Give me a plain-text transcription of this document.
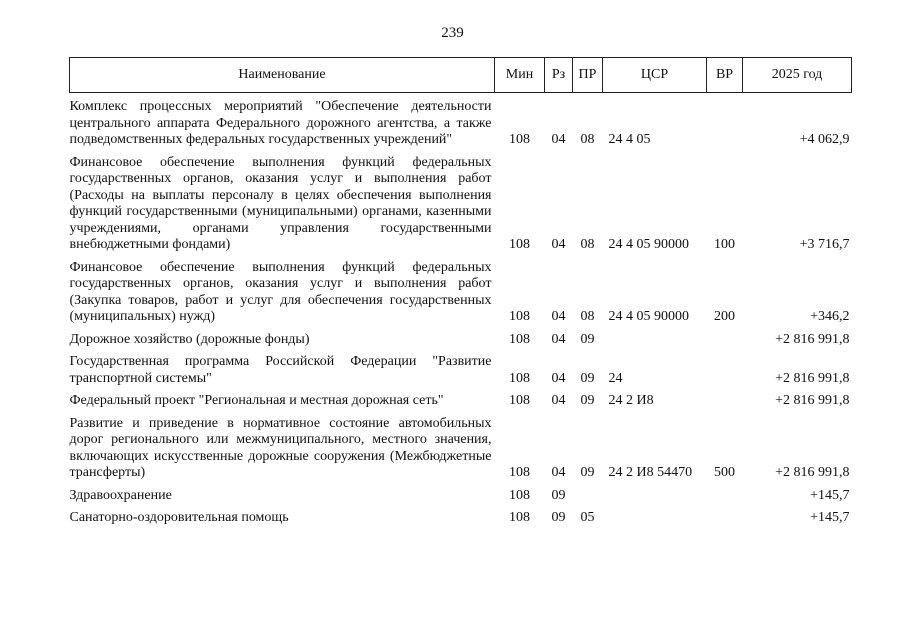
239
Наименование	Мин	Рз	ПР	ЦСР	ВР	2025 год

Комплекс процессных мероприятий "Обеспечение деятельности центрального аппарата Федерального дорожного агентства, а также подведомственных федеральных государственных учреждений"	108	04	08	24 4 05		+4 062,9

Финансовое обеспечение выполнения функций федеральных государственных органов, оказания услуг и выполнения работ (Расходы на выплаты персоналу в целях обеспечения выполнения функций государственными (муниципальными) органами, казенными учреждениями, органами управления государственными внебюджетными фондами)	108	04	08	24 4 05 90000	100	+3 716,7

Финансовое обеспечение выполнения функций федеральных государственных органов, оказания услуг и выполнения работ (Закупка товаров, работ и услуг для обеспечения государственных (муниципальных) нужд)	108	04	08	24 4 05 90000	200	+346,2

Дорожное хозяйство (дорожные фонды)	108	04	09			+2 816 991,8

Государственная программа Российской Федерации "Развитие транспортной системы"	108	04	09	24		+2 816 991,8

Федеральный проект "Региональная и местная дорожная сеть"	108	04	09	24 2 И8		+2 816 991,8

Развитие и приведение в нормативное состояние автомобильных дорог регионального или межмуниципального, местного значения, включающих искусственные дорожные сооружения (Межбюджетные трансферты)	108	04	09	24 2 И8 54470	500	+2 816 991,8

Здравоохранение	108	09				+145,7

Санаторно-оздоровительная помощь	108	09	05			+145,7
